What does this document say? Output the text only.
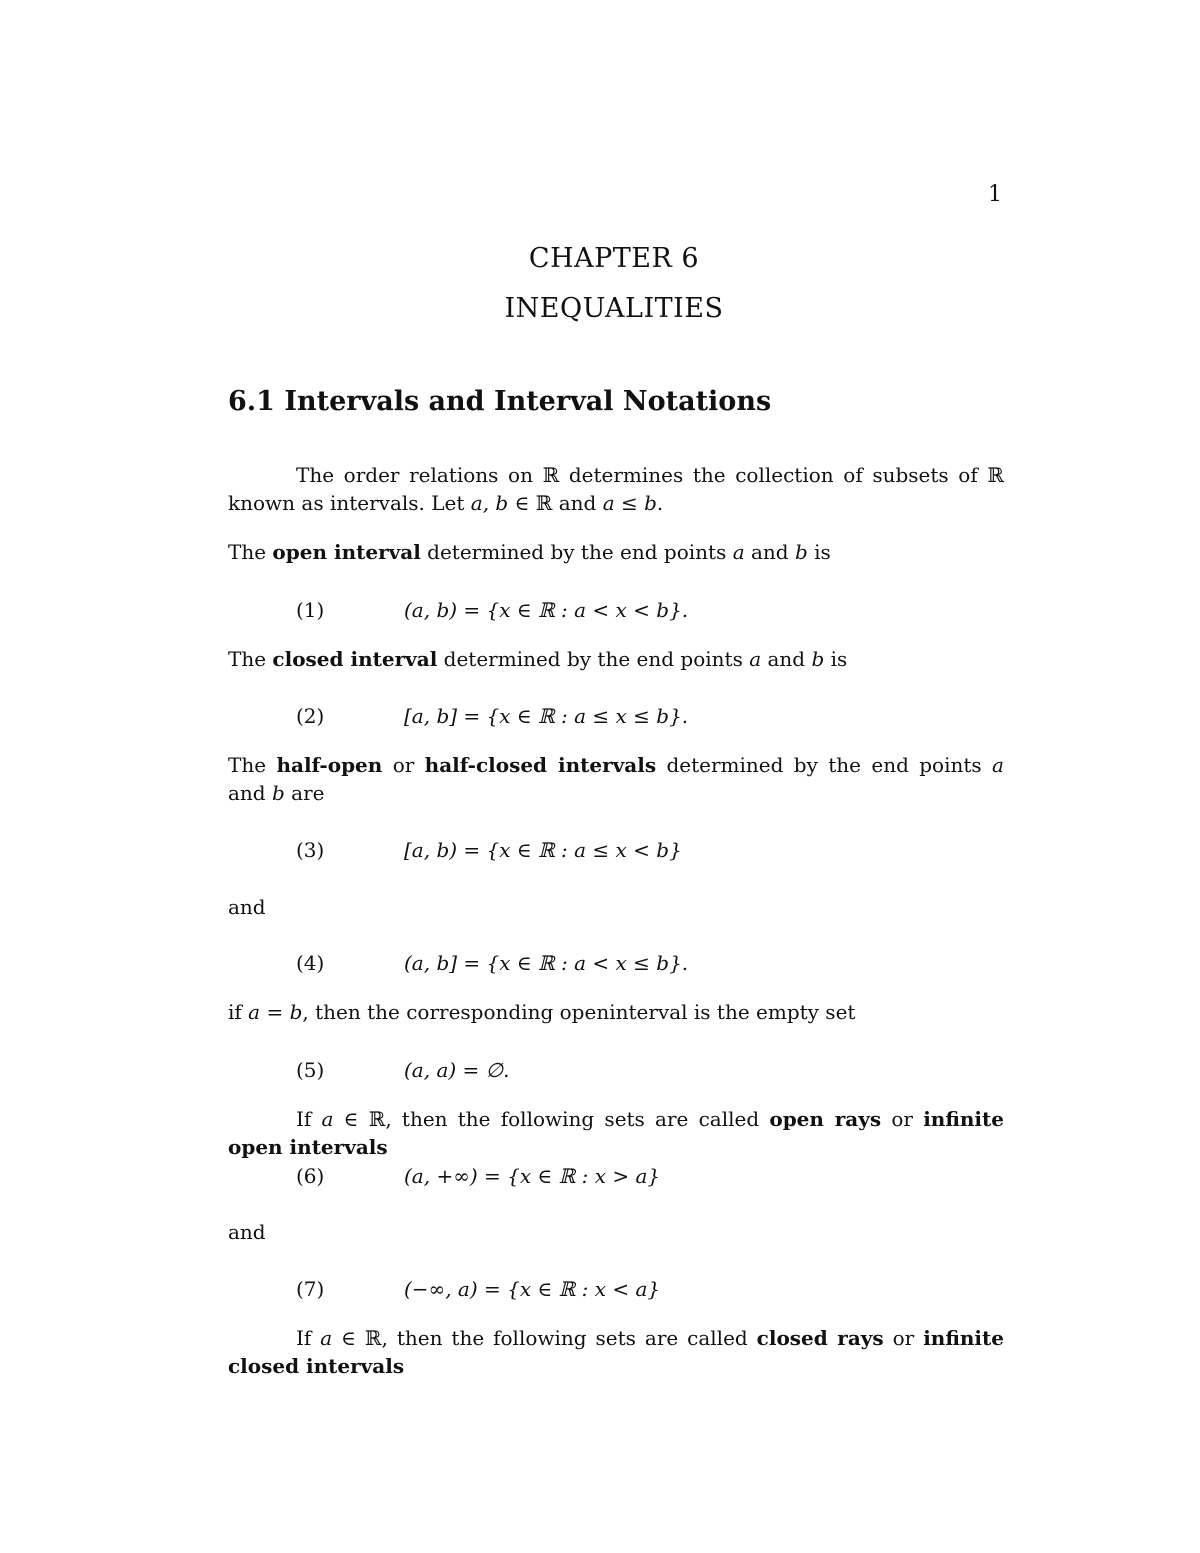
1
CHAPTER 6
INEQUALITIES
6.1 Intervals and Interval Notations

The order relations on ℝ determines the collection of subsets of ℝ known as intervals. Let a, b ∈ ℝ and a ≤ b.

The open interval determined by the end points a and b is

(1)	(a, b) = {x ∈ ℝ : a < x < b}.

The closed interval determined by the end points a and b is

(2)	[a, b] = {x ∈ ℝ : a ≤ x ≤ b}.

The half-open or half-closed intervals determined by the end points a and b are

(3)	[a, b) = {x ∈ ℝ : a ≤ x < b}
and
(4)	(a, b] = {x ∈ ℝ : a < x ≤ b}.

if a = b, then the corresponding openinterval is the empty set

(5)	(a, a) = ∅.

If a ∈ ℝ, then the following sets are called open rays or infinite open intervals

(6)	(a, +∞) = {x ∈ ℝ : x > a}
and
(7)	(−∞, a) = {x ∈ ℝ : x < a}

If a ∈ ℝ, then the following sets are called closed rays or infinite closed intervals
